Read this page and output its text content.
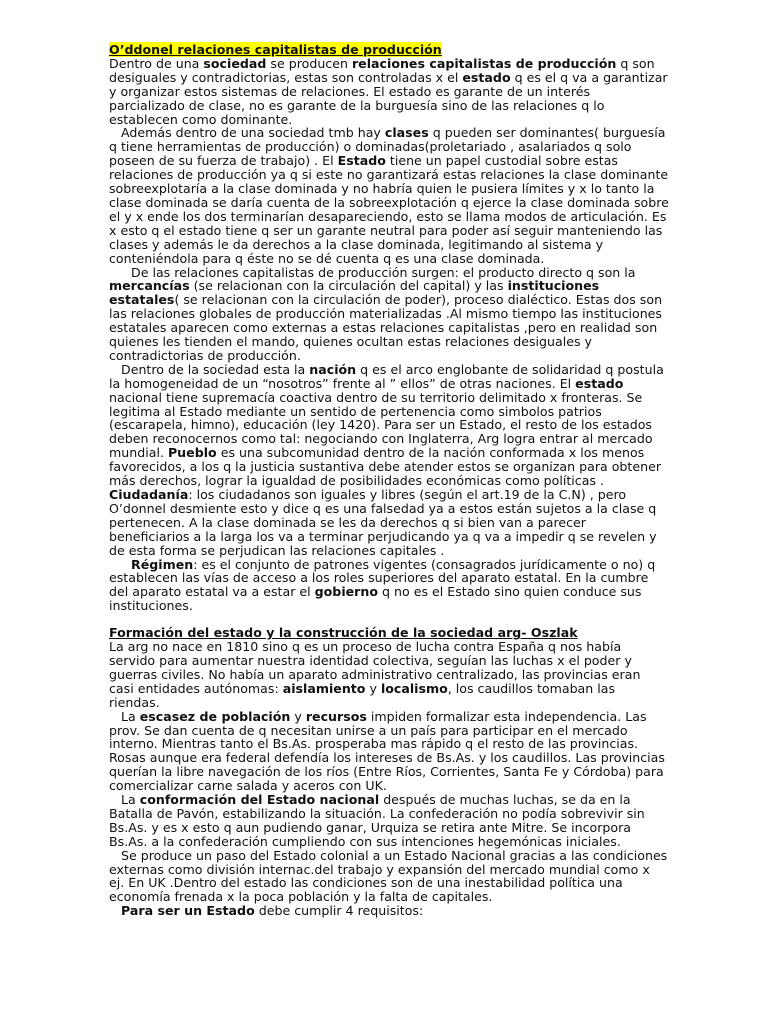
O’ddonel relaciones capitalistas de producción

Dentro de una sociedad se producen relaciones capitalistas de producción q son desiguales y contradictorias, estas son controladas x el estado q es el q va a garantizar y organizar estos sistemas de relaciones. El estado es garante de un interés parcializado de clase, no es garante de la burguesía sino de las relaciones q lo establecen como dominante.

Además dentro de una sociedad tmb hay clases q pueden ser dominantes( burguesía q tiene herramientas de producción) o dominadas(proletariado , asalariados q solo poseen de su fuerza de trabajo) . El Estado tiene un papel custodial sobre estas relaciones de producción ya q si este no garantizará estas relaciones la clase dominante sobreexplotaría a la clase dominada y no habría quien le pusiera límites y x lo tanto la clase dominada se daría cuenta de la sobreexplotación q ejerce la clase dominada sobre el y x ende los dos terminarían desapareciendo, esto se llama modos de articulación. Es x esto q el estado tiene q ser un garante neutral para poder así seguir manteniendo las clases y además le da derechos a la clase dominada, legitimando al sistema y conteniéndola para q éste no se dé cuenta q es una clase dominada.

De las relaciones capitalistas de producción surgen: el producto directo q son la mercancías (se relacionan con la circulación del capital) y las instituciones estatales( se relacionan con la circulación de poder), proceso dialéctico. Estas dos son las relaciones globales de producción materializadas .Al mismo tiempo las instituciones estatales aparecen como externas a estas relaciones capitalistas ,pero en realidad son quienes les tienden el mando, quienes ocultan estas relaciones desiguales y contradictorias de producción.

Dentro de la sociedad esta la nación q es el arco englobante de solidaridad q postula la homogeneidad de un “nosotros” frente al ” ellos” de otras naciones. El estado nacional tiene supremacía coactiva dentro de su territorio delimitado x fronteras. Se legitima al Estado mediante un sentido de pertenencia como simbolos patrios (escarapela, himno), educación (ley 1420). Para ser un Estado, el resto de los estados deben reconocernos como tal: negociando con Inglaterra, Arg logra entrar al mercado mundial. Pueblo es una subcomunidad dentro de la nación conformada x los menos favorecidos, a los q la justicia sustantiva debe atender estos se organizan para obtener más derechos, lograr la igualdad de posibilidades económicas como políticas . Ciudadanía: los ciudadanos son iguales y libres (según el art.19 de la C.N) , pero O’donnel desmiente esto y dice q es una falsedad ya a estos están sujetos a la clase q pertenecen. A la clase dominada se les da derechos q si bien van a parecer beneficiarios a la larga los va a terminar perjudicando ya q va a impedir q se revelen y de esta forma se perjudican las relaciones capitales .

Régimen: es el conjunto de patrones vigentes (consagrados jurídicamente o no) q establecen las vías de acceso a los roles superiores del aparato estatal. En la cumbre del aparato estatal va a estar el gobierno q no es el Estado sino quien conduce sus instituciones.

Formación del estado y la construcción de la sociedad arg- Oszlak

La arg no nace en 1810 sino q es un proceso de lucha contra España q nos había servido para aumentar nuestra identidad colectiva, seguían las luchas x el poder y guerras civiles. No había un aparato administrativo centralizado, las provincias eran casi entidades autónomas: aislamiento y localismo, los caudillos tomaban las riendas.

La escasez de población y recursos impiden formalizar esta independencia. Las prov. Se dan cuenta de q necesitan unirse a un país para participar en el mercado interno. Mientras tanto el Bs.As. prosperaba mas rápido q el resto de las provincias. Rosas aunque era federal defendía los intereses de Bs.As. y los caudillos. Las provincias querían la libre navegación de los ríos (Entre Ríos, Corrientes, Santa Fe y Córdoba) para comercializar carne salada y aceros con UK.

La conformación del Estado nacional después de muchas luchas, se da en la Batalla de Pavón, estabilizando la situación. La confederación no podía sobrevivir sin Bs.As. y es x esto q aun pudiendo ganar, Urquiza se retira ante Mitre. Se incorpora Bs.As. a la confederación cumpliendo con sus intenciones hegemónicas iniciales.

Se produce un paso del Estado colonial a un Estado Nacional gracias a las condiciones externas como división internac.del trabajo y expansión del mercado mundial como x ej. En UK .Dentro del estado las condiciones son de una inestabilidad política una economía frenada x la poca población y la falta de capitales.

Para ser un Estado debe cumplir 4 requisitos:
